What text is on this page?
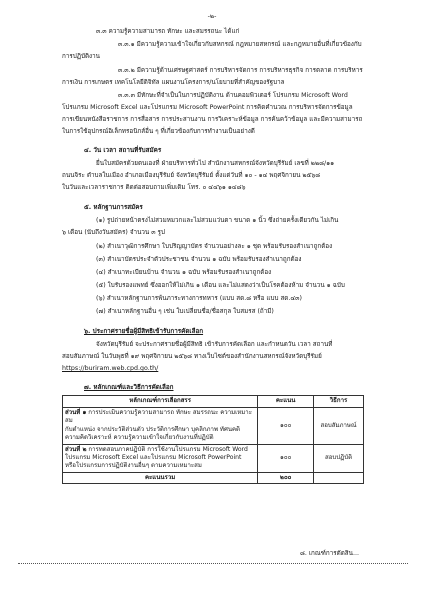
-๒-
๓.๓ ความรู้ความสามารถ ทักษะ และสมรรถนะ ได้แก่
๓.๓.๑ มีความรู้ความเข้าใจเกี่ยวกับสหกรณ์ กฎหมายสหกรณ์ และกฎหมายอื่นที่เกี่ยวข้องกับ
การปฏิบัติงาน
๓.๓.๒ มีความรู้ด้านเศรษฐศาสตร์ การบริหารจัดการ การบริหารธุรกิจ การตลาด การบริหาร
การเงิน การเกษตร เทคโนโลยีดิจิทัล แผนงานโครงการ/นโยบายที่สำคัญของรัฐบาล
๓.๓.๓ มีทักษะที่จำเป็นในการปฏิบัติงาน ด้านคอมพิวเตอร์ โปรแกรม Microsoft Word
โปรแกรม Microsoft Excel และโปรแกรม Microsoft PowerPoint การคิดคำนวณ การบริหารจัดการข้อมูล
การเขียนหนังสือราชการ การสื่อสาร การประสานงาน การวิเคราะห์ข้อมูล การค้นคว้าข้อมูล และมีความสามารถ
ในการใช้อุปกรณ์อิเล็กทรอนิกส์อื่น ๆ ที่เกี่ยวข้องกับการทำงานเป็นอย่างดี
๔. วัน เวลา สถานที่รับสมัคร
ยื่นใบสมัครด้วยตนเองที่ ฝ่ายบริหารทั่วไป สำนักงานสหกรณ์จังหวัดบุรีรัมย์ เลขที่ ๒๒๘/๑๑
ถนนจิระ ตำบลในเมือง อำเภอเมืองบุรีรัมย์ จังหวัดบุรีรัมย์ ตั้งแต่วันที่ ๑๐ - ๑๔ พฤศจิกายน ๒๕๖๘
ในวันและเวลาราชการ ติดต่อสอบถามเพิ่มเติม โทร. ๐ ๔๔๖๑ ๑๔๘๖
๕. หลักฐานการสมัคร
(๑) รูปถ่ายหน้าตรงไม่สวมหมวกและไม่สวมแว่นตา ขนาด ๑ นิ้ว ซึ่งถ่ายครั้งเดียวกัน ไม่เกิน
๖ เดือน (นับถึงวันสมัคร) จำนวน ๓ รูป
(๒) สำเนาวุฒิการศึกษา ใบปริญญาบัตร จำนวนอย่างละ ๑ ชุด พร้อมรับรองสำเนาถูกต้อง
(๓) สำเนาบัตรประจำตัวประชาชน จำนวน ๑ ฉบับ พร้อมรับรองสำเนาถูกต้อง
(๔) สำเนาทะเบียนบ้าน จำนวน ๑ ฉบับ พร้อมรับรองสำเนาถูกต้อง
(๕) ใบรับรองแพทย์ ซึ่งออกให้ไม่เกิน ๑ เดือน และไม่แสดงว่าเป็นโรคต้องห้าม จำนวน ๑ ฉบับ
(๖) สำเนาหลักฐานการพ้นภาระทางการทหาร (แบบ สด.๘ หรือ แบบ สด.๔๓)
(๗) สำเนาหลักฐานอื่น ๆ เช่น ใบเปลี่ยนชื่อ/ชื่อสกุล ใบสมรส (ถ้ามี)
๖. ประกาศรายชื่อผู้มีสิทธิเข้ารับการคัดเลือก
จังหวัดบุรีรัมย์ จะประกาศรายชื่อผู้มีสิทธิ เข้ารับการคัดเลือก และกำหนดวัน เวลา สถานที่
สอบสัมภาษณ์ ในวันพุธที่ ๑๙ พฤศจิกายน ๒๕๖๘ ทางเว็บไซต์ของสำนักงานสหกรณ์จังหวัดบุรีรัมย์
https://buriram.web.cpd.go.th/
๗. หลักเกณฑ์และวิธีการคัดเลือก
หลักเกณฑ์การเลือกสรร	คะแนน	วิธีการ
ส่วนที่ ๑ การประเมินความรู้ความสามารถ ทักษะ สมรรถนะ ความเหมาะสม
กับตำแหน่ง จากประวัติส่วนตัว ประวัติการศึกษา บุคลิกภาพ ทัศนคติ
ความคิดวิเคราะห์ ความรู้ความเข้าใจเกี่ยวกับงานที่ปฏิบัติ	๑๐๐	สอบสัมภาษณ์
ส่วนที่ ๒ การทดสอบภาคปฏิบัติ การใช้งานโปรแกรม Microsoft Word
โปรแกรม Microsoft Excel และโปรแกรม Microsoft PowerPoint
หรือโปรแกรมการปฏิบัติงานอื่นๆ ตามความเหมาะสม	๑๐๐	สอบปฏิบัติ
คะแนนรวม	๒๐๐	
๘. เกณฑ์การตัดสิน...
